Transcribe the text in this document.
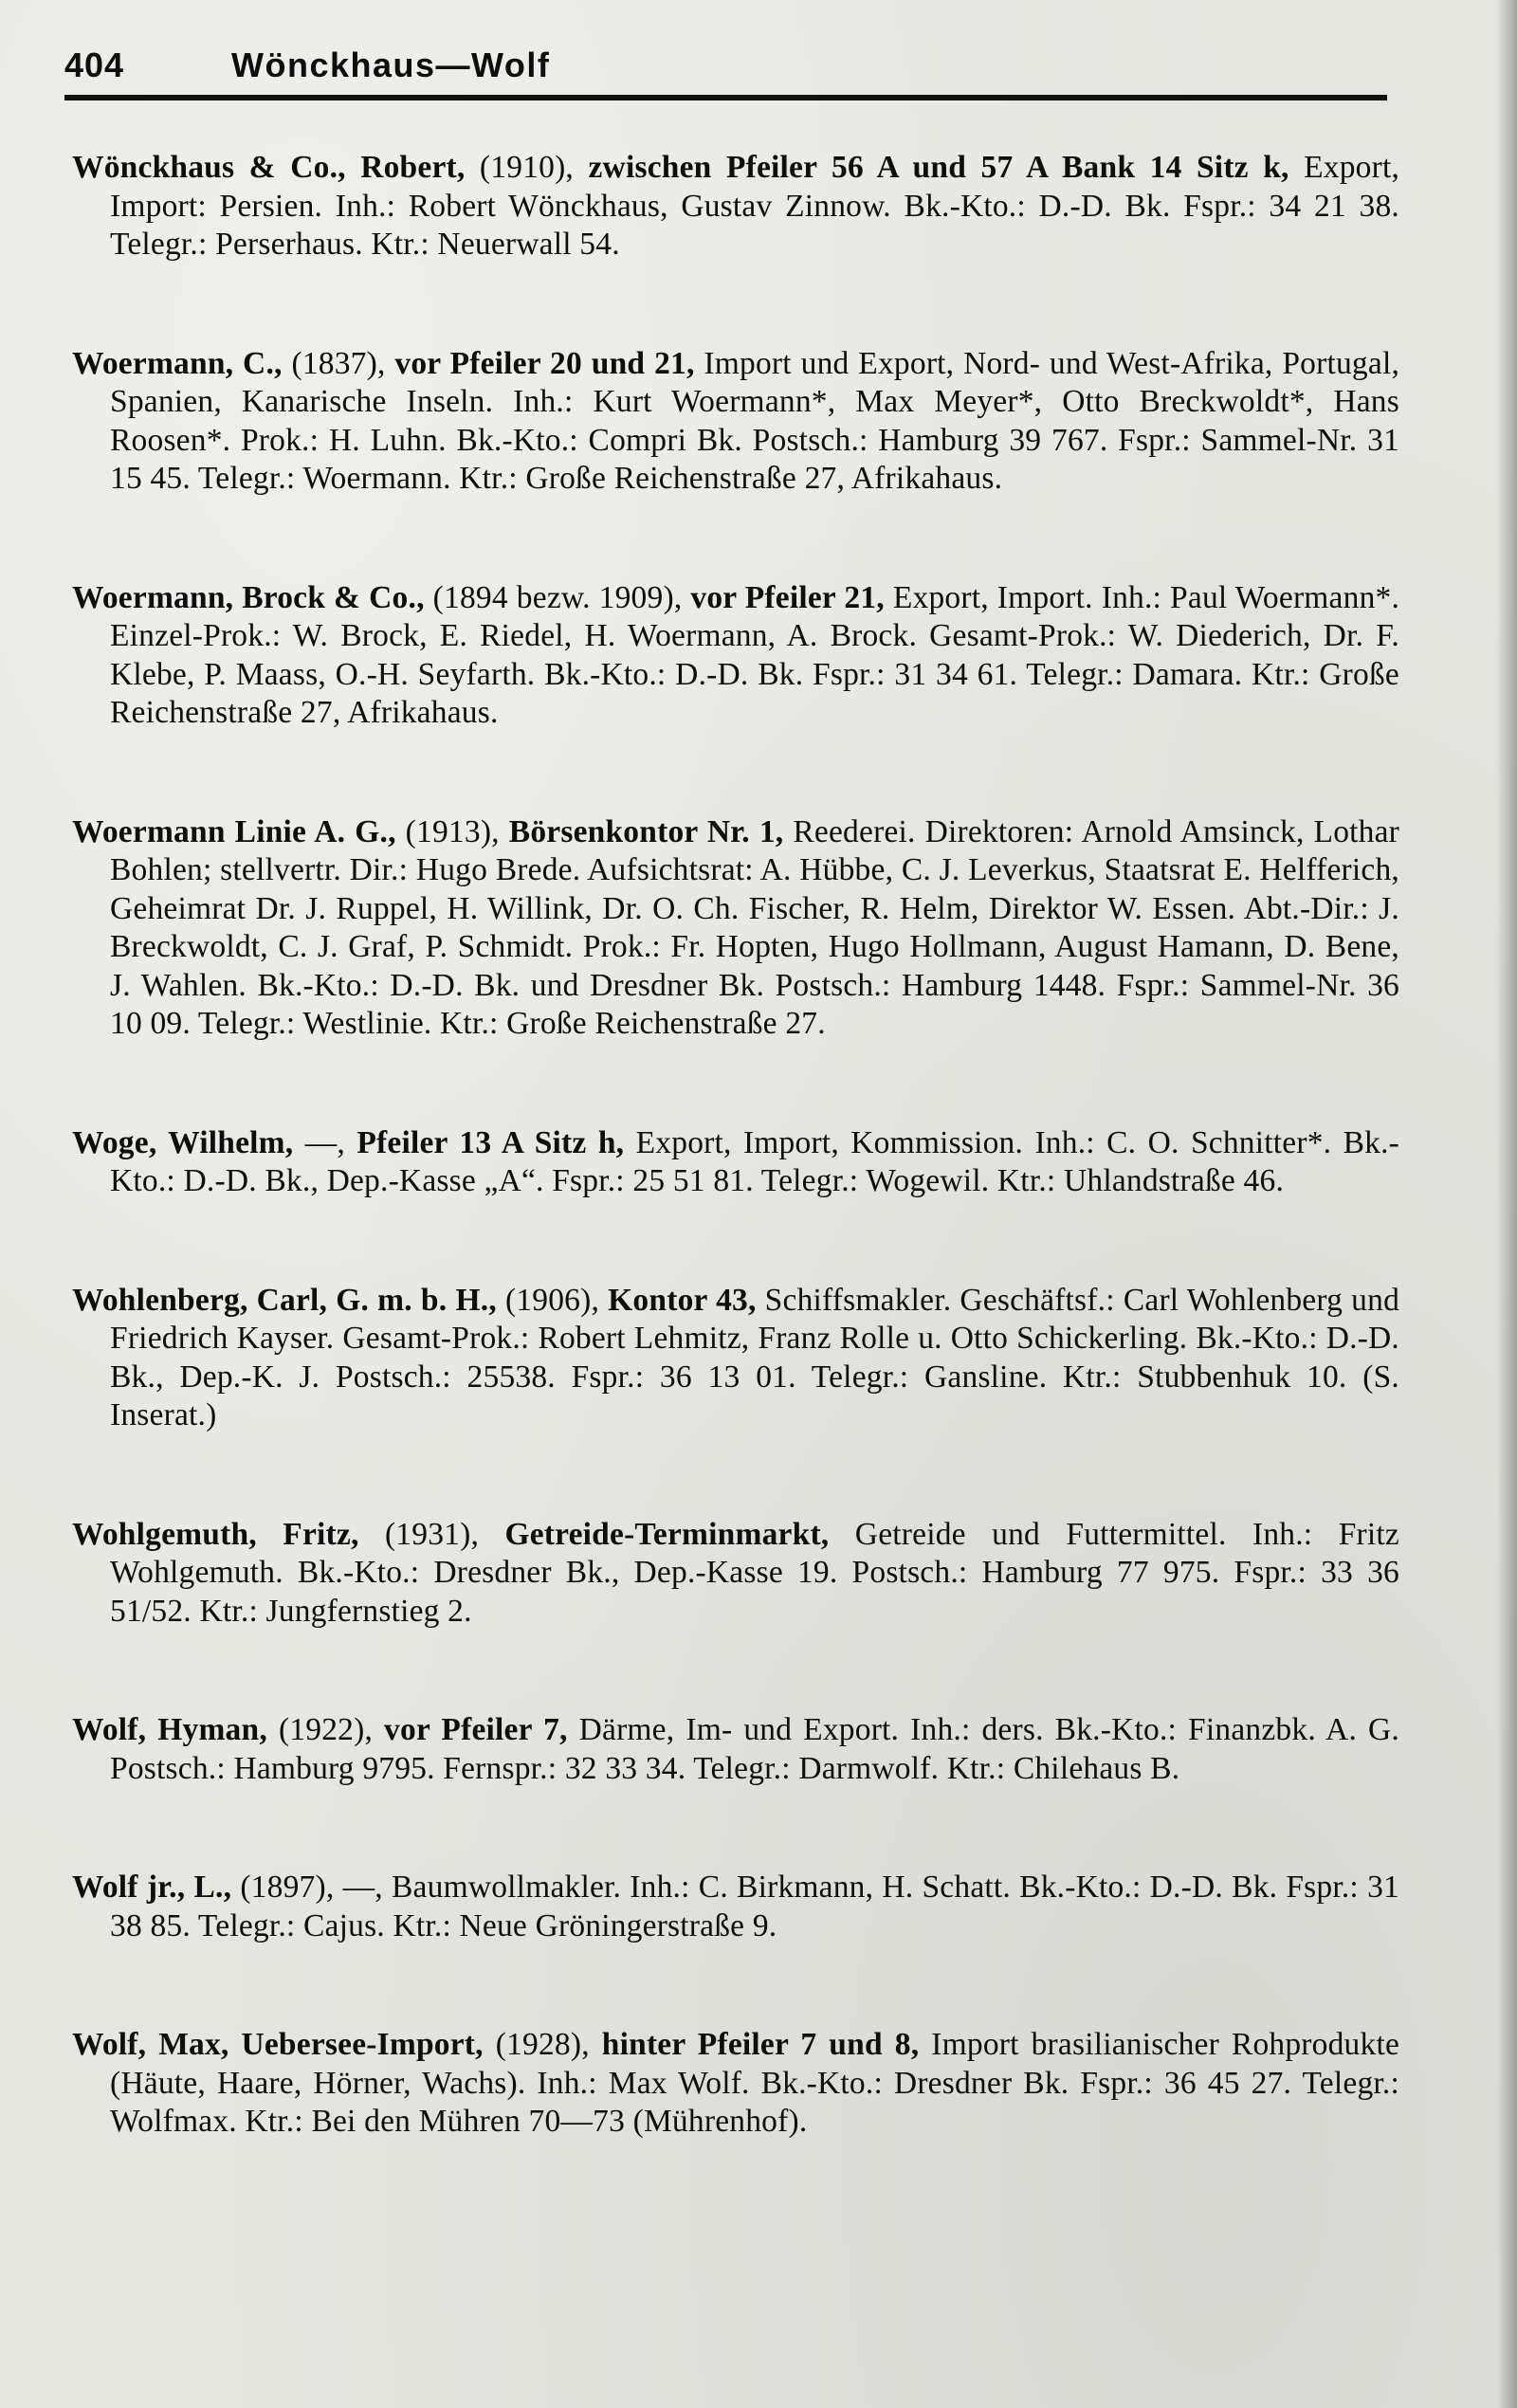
404	Wönckhaus—Wolf
Wönckhaus & Co., Robert, (1910), zwischen Pfeiler 56 A und 57 A Bank 14 Sitz k, Export, Import: Persien. Inh.: Robert Wönckhaus, Gustav Zinnow. Bk.-Kto.: D.-D. Bk. Fspr.: 34 21 38. Telegr.: Perserhaus. Ktr.: Neuerwall 54.
Woermann, C., (1837), vor Pfeiler 20 und 21, Import und Export, Nord- und West-Afrika, Portugal, Spanien, Kanarische Inseln. Inh.: Kurt Woermann*, Max Meyer*, Otto Breckwoldt*, Hans Roosen*. Prok.: H. Luhn. Bk.-Kto.: Compri Bk. Postsch.: Hamburg 39 767. Fspr.: Sammel-Nr. 31 15 45. Telegr.: Woermann. Ktr.: Große Reichenstraße 27, Afrikahaus.
Woermann, Brock & Co., (1894 bezw. 1909), vor Pfeiler 21, Export, Import. Inh.: Paul Woermann*. Einzel-Prok.: W. Brock, E. Riedel, H. Woermann, A. Brock. Gesamt-Prok.: W. Diederich, Dr. F. Klebe, P. Maass, O.-H. Seyfarth. Bk.-Kto.: D.-D. Bk. Fspr.: 31 34 61. Telegr.: Damara. Ktr.: Große Reichenstraße 27, Afrikahaus.
Woermann Linie A. G., (1913), Börsenkontor Nr. 1, Reederei. Direktoren: Arnold Amsinck, Lothar Bohlen; stellvertr. Dir.: Hugo Brede. Aufsichtsrat: A. Hübbe, C. J. Leverkus, Staatsrat E. Helfferich, Geheimrat Dr. J. Ruppel, H. Willink, Dr. O. Ch. Fischer, R. Helm, Direktor W. Essen. Abt.-Dir.: J. Breckwoldt, C. J. Graf, P. Schmidt. Prok.: Fr. Hopten, Hugo Hollmann, August Hamann, D. Bene, J. Wahlen. Bk.-Kto.: D.-D. Bk. und Dresdner Bk. Postsch.: Hamburg 1448. Fspr.: Sammel-Nr. 36 10 09. Telegr.: Westlinie. Ktr.: Große Reichenstraße 27.
Woge, Wilhelm, —, Pfeiler 13 A Sitz h, Export, Import, Kommission. Inh.: C. O. Schnitter*. Bk.-Kto.: D.-D. Bk., Dep.-Kasse „A“. Fspr.: 25 51 81. Telegr.: Wogewil. Ktr.: Uhlandstraße 46.
Wohlenberg, Carl, G. m. b. H., (1906), Kontor 43, Schiffsmakler. Geschäftsf.: Carl Wohlenberg und Friedrich Kayser. Gesamt-Prok.: Robert Lehmitz, Franz Rolle u. Otto Schickerling. Bk.-Kto.: D.-D. Bk., Dep.-K. J. Postsch.: 25538. Fspr.: 36 13 01. Telegr.: Gansline. Ktr.: Stubbenhuk 10. (S. Inserat.)
Wohlgemuth, Fritz, (1931), Getreide-Terminmarkt, Getreide und Futtermittel. Inh.: Fritz Wohlgemuth. Bk.-Kto.: Dresdner Bk., Dep.-Kasse 19. Postsch.: Hamburg 77 975. Fspr.: 33 36 51/52. Ktr.: Jungfernstieg 2.
Wolf, Hyman, (1922), vor Pfeiler 7, Därme, Im- und Export. Inh.: ders. Bk.-Kto.: Finanzbk. A. G. Postsch.: Hamburg 9795. Fernspr.: 32 33 34. Telegr.: Darmwolf. Ktr.: Chilehaus B.
Wolf jr., L., (1897), —, Baumwollmakler. Inh.: C. Birkmann, H. Schatt. Bk.-Kto.: D.-D. Bk. Fspr.: 31 38 85. Telegr.: Cajus. Ktr.: Neue Gröningerstraße 9.
Wolf, Max, Uebersee-Import, (1928), hinter Pfeiler 7 und 8, Import brasilianischer Rohprodukte (Häute, Haare, Hörner, Wachs). Inh.: Max Wolf. Bk.-Kto.: Dresdner Bk. Fspr.: 36 45 27. Telegr.: Wolfmax. Ktr.: Bei den Mühren 70—73 (Mührenhof).
